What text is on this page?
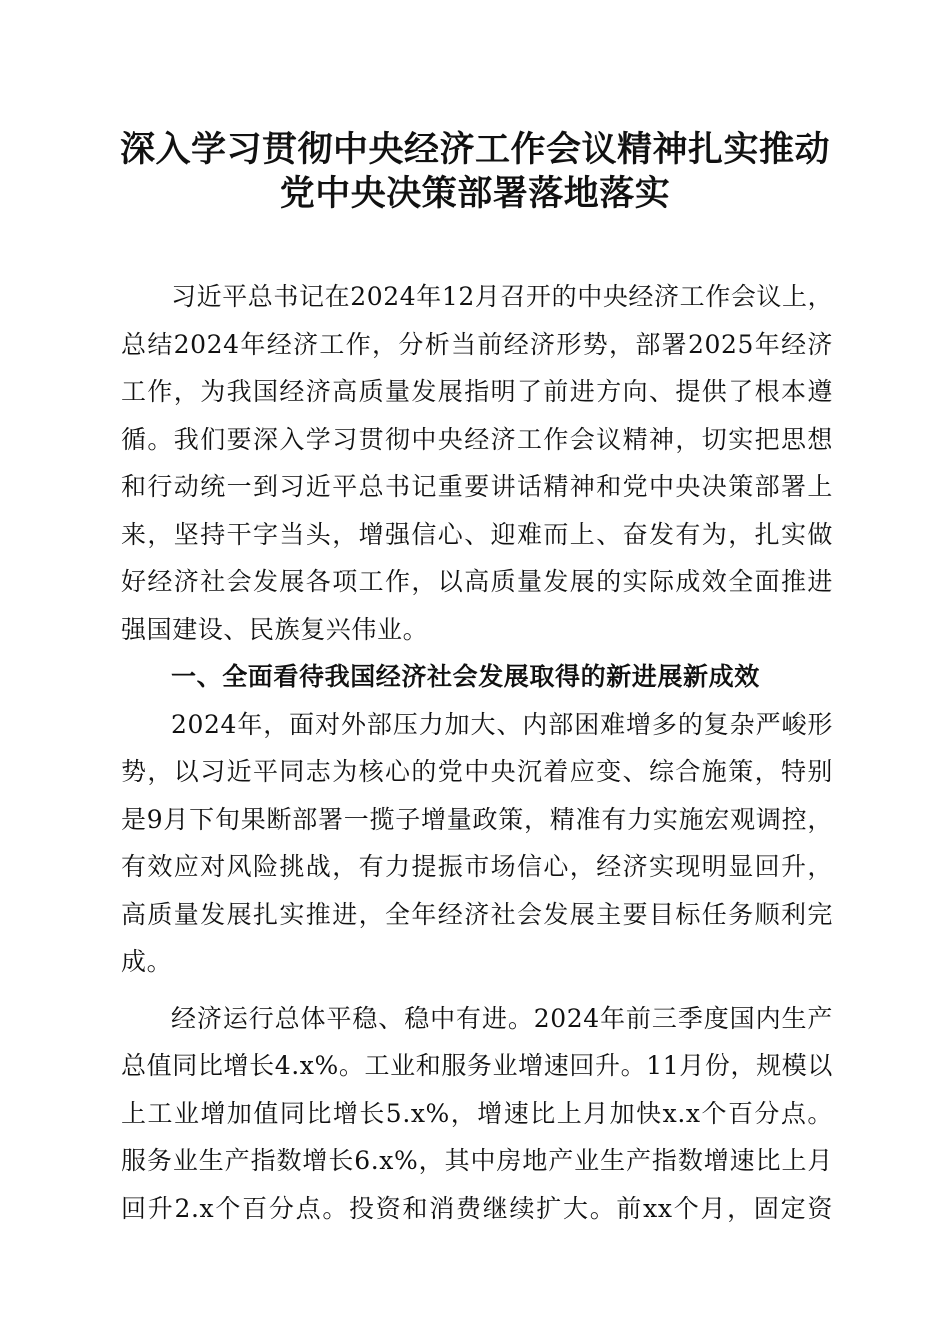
深入学习贯彻中央经济工作会议精神扎实推动
党中央决策部署落地落实
习近平总书记在2024年12月召开的中央经济工作会议上，
总结2024年经济工作，分析当前经济形势，部署2025年经济
工作，为我国经济高质量发展指明了前进方向、提供了根本遵
循。我们要深入学习贯彻中央经济工作会议精神，切实把思想
和行动统一到习近平总书记重要讲话精神和党中央决策部署上
来，坚持干字当头，增强信心、迎难而上、奋发有为，扎实做
好经济社会发展各项工作，以高质量发展的实际成效全面推进
强国建设、民族复兴伟业。
一、全面看待我国经济社会发展取得的新进展新成效
2024年，面对外部压力加大、内部困难增多的复杂严峻形
势，以习近平同志为核心的党中央沉着应变、综合施策，特别
是9月下旬果断部署一揽子增量政策，精准有力实施宏观调控，
有效应对风险挑战，有力提振市场信心，经济实现明显回升，
高质量发展扎实推进，全年经济社会发展主要目标任务顺利完
成。
经济运行总体平稳、稳中有进。2024年前三季度国内生产
总值同比增长4.x%。工业和服务业增速回升。11月份，规模以
上工业增加值同比增长5.x%，增速比上月加快x.x个百分点。
服务业生产指数增长6.x%，其中房地产业生产指数增速比上月
回升2.x个百分点。投资和消费继续扩大。前xx个月，固定资
